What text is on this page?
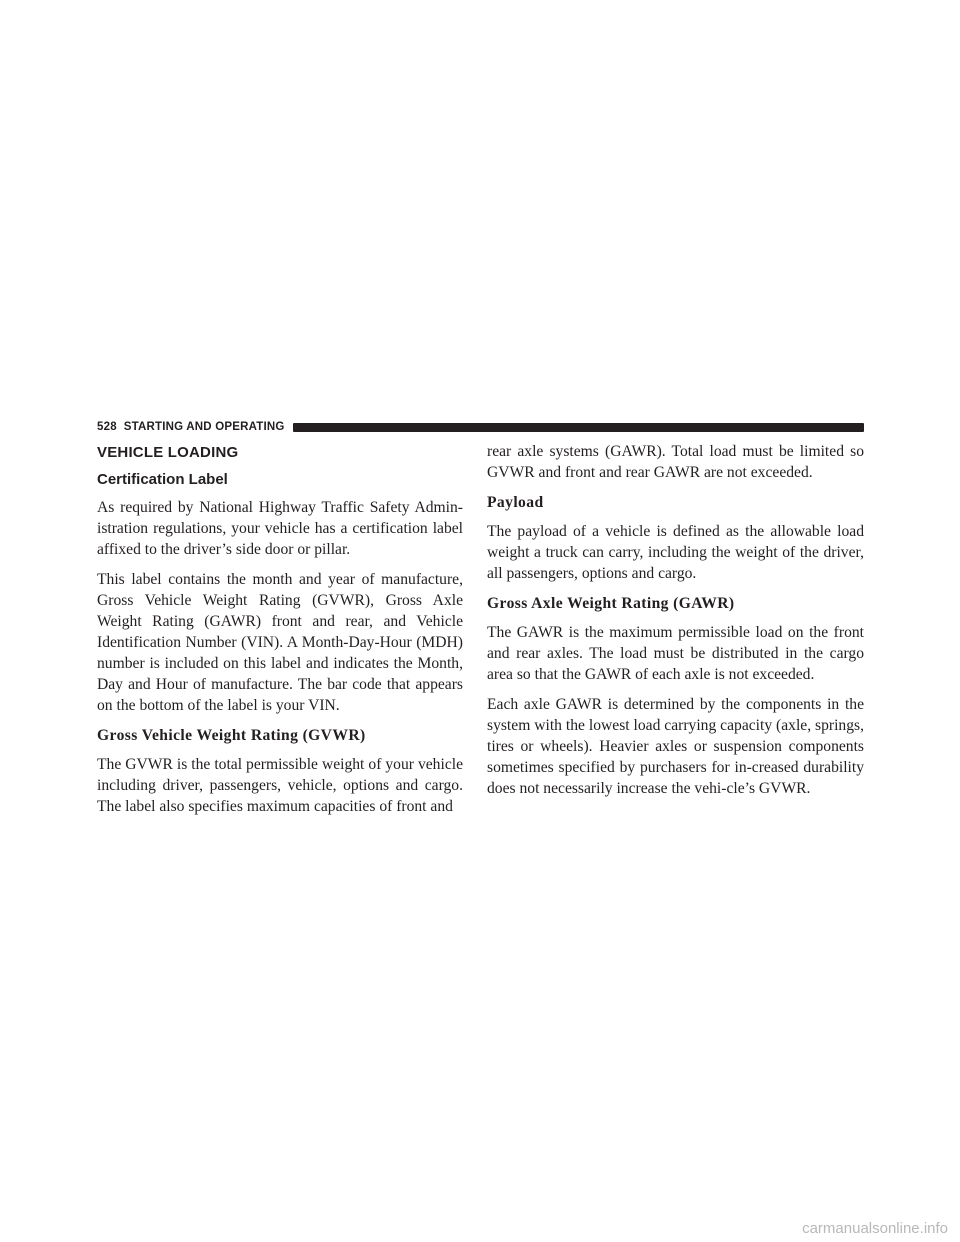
528 STARTING AND OPERATING
VEHICLE LOADING
Certification Label

As required by National Highway Traffic Safety Admin-istration regulations, your vehicle has a certification label affixed to the driver’s side door or pillar.

This label contains the month and year of manufacture, Gross Vehicle Weight Rating (GVWR), Gross Axle Weight Rating (GAWR) front and rear, and Vehicle Identification Number (VIN). A Month-Day-Hour (MDH) number is included on this label and indicates the Month, Day and Hour of manufacture. The bar code that appears on the bottom of the label is your VIN.

Gross Vehicle Weight Rating (GVWR)

The GVWR is the total permissible weight of your vehicle including driver, passengers, vehicle, options and cargo. The label also specifies maximum capacities of front and

rear axle systems (GAWR). Total load must be limited so GVWR and front and rear GAWR are not exceeded.

Payload

The payload of a vehicle is defined as the allowable load weight a truck can carry, including the weight of the driver, all passengers, options and cargo.

Gross Axle Weight Rating (GAWR)

The GAWR is the maximum permissible load on the front and rear axles. The load must be distributed in the cargo area so that the GAWR of each axle is not exceeded.

Each axle GAWR is determined by the components in the system with the lowest load carrying capacity (axle, springs, tires or wheels). Heavier axles or suspension components sometimes specified by purchasers for in-creased durability does not necessarily increase the vehi-cle’s GVWR.

carmanualsonline.info
